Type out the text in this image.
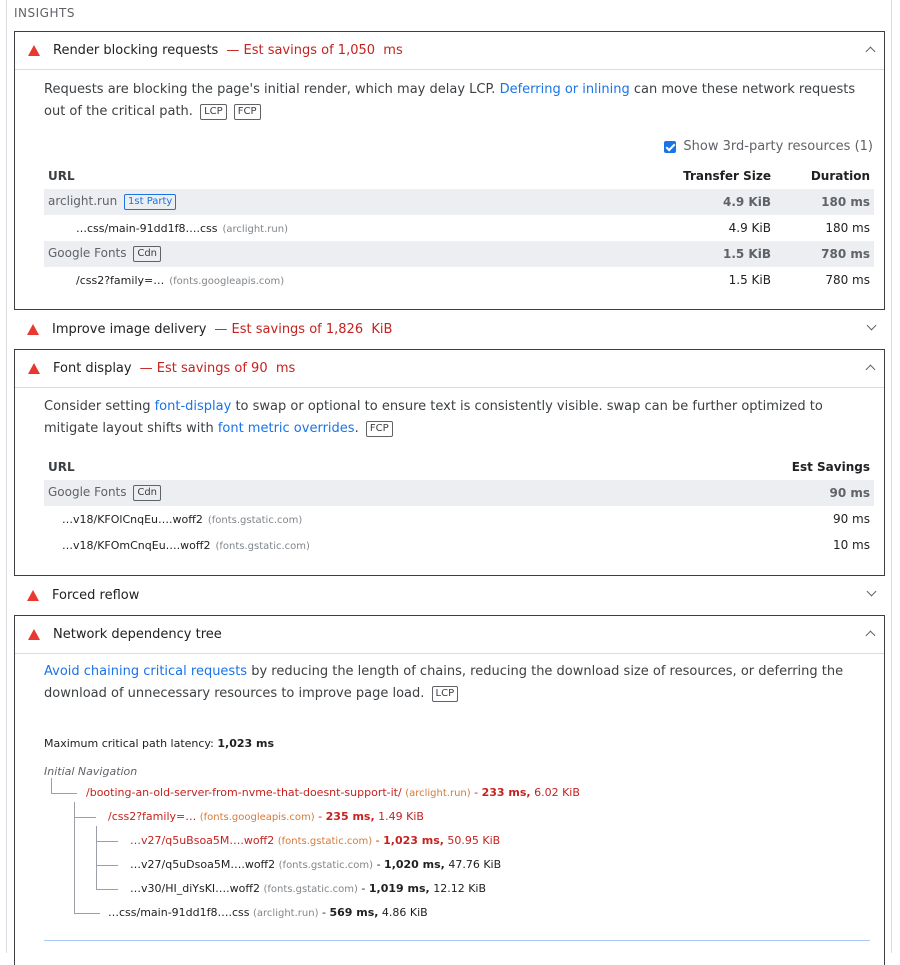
INSIGHTS
Render blocking requests — Est savings of 1,050  ms
Requests are blocking the page's initial render, which may delay LCP. Deferring or inlining can move these network requests out of the critical path. LCP FCP
Show 3rd-party resources (1)
URL	Transfer Size	Duration
arclight.run 1st Party	4.9 KiB	180 ms
…css/main-91dd1f8….css (arclight.run)	4.9 KiB	180 ms
Google Fonts Cdn	1.5 KiB	780 ms
/css2?family=… (fonts.googleapis.com)	1.5 KiB	780 ms
Improve image delivery — Est savings of 1,826  KiB
Font display — Est savings of 90  ms
Consider setting font-display to swap or optional to ensure text is consistently visible. swap can be further optimized to mitigate layout shifts with font metric overrides. FCP
URL	Est Savings
Google Fonts Cdn	90 ms
…v18/KFOlCnqEu….woff2 (fonts.gstatic.com)	90 ms
…v18/KFOmCnqEu….woff2 (fonts.gstatic.com)	10 ms
Forced reflow
Network dependency tree
Avoid chaining critical requests by reducing the length of chains, reducing the download size of resources, or deferring the download of unnecessary resources to improve page load. LCP
Maximum critical path latency: 1,023 ms
Initial Navigation
/booting-an-old-server-from-nvme-that-doesnt-support-it/ (arclight.run) - 233 ms, 6.02 KiB
/css2?family=… (fonts.googleapis.com) - 235 ms, 1.49 KiB
…v27/q5uBsoa5M….woff2 (fonts.gstatic.com) - 1,023 ms, 50.95 KiB
…v27/q5uDsoa5M….woff2 (fonts.gstatic.com) - 1,020 ms, 47.76 KiB
…v30/HI_diYsKI….woff2 (fonts.gstatic.com) - 1,019 ms, 12.12 KiB
…css/main-91dd1f8….css (arclight.run) - 569 ms, 4.86 KiB
